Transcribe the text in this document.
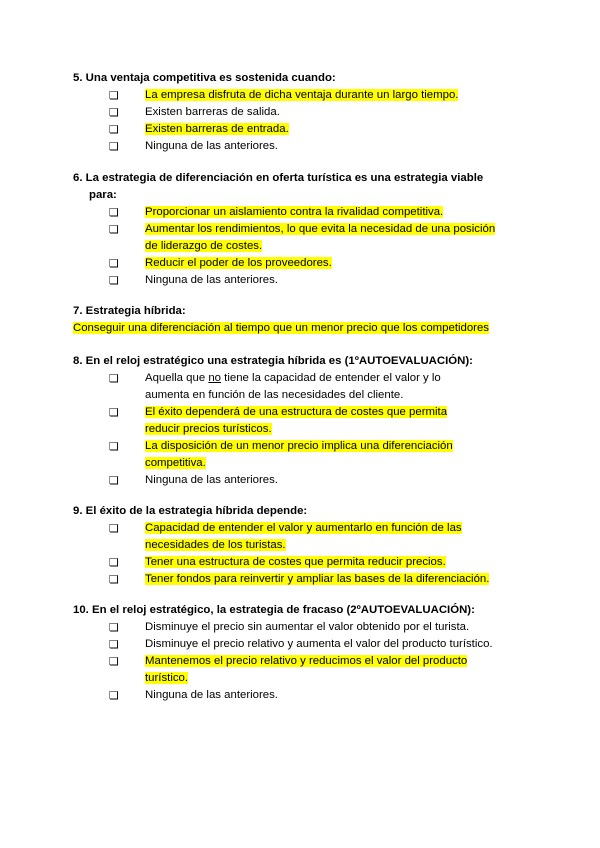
5. Una ventaja competitiva es sostenida cuando:
❏ La empresa disfruta de dicha ventaja durante un largo tiempo.
❏ Existen barreras de salida.
❏ Existen barreras de entrada.
❏ Ninguna de las anteriores.
6. La estrategia de diferenciación en oferta turística es una estrategia viable
para:
❏ Proporcionar un aislamiento contra la rivalidad competitiva.
❏ Aumentar los rendimientos, lo que evita la necesidad de una posición
de liderazgo de costes.
❏ Reducir el poder de los proveedores.
❏ Ninguna de las anteriores.
7. Estrategia híbrida:
Conseguir una diferenciación al tiempo que un menor precio que los competidores
8. En el reloj estratégico una estrategia híbrida es (1ºAUTOEVALUACIÓN):
❏ Aquella que no tiene la capacidad de entender el valor y lo
aumenta en función de las necesidades del cliente.
❏ El éxito dependerá de una estructura de costes que permita
reducir precios turísticos.
❏ La disposición de un menor precio implica una diferenciación
competitiva.
❏ Ninguna de las anteriores.
9. El éxito de la estrategia híbrida depende:
❏ Capacidad de entender el valor y aumentarlo en función de las
necesidades de los turistas.
❏ Tener una estructura de costes que permita reducir precios.
❏ Tener fondos para reinvertir y ampliar las bases de la diferenciación.
10. En el reloj estratégico, la estrategia de fracaso (2ºAUTOEVALUACIÓN):
❏ Disminuye el precio sin aumentar el valor obtenido por el turista.
❏ Disminuye el precio relativo y aumenta el valor del producto turístico.
❏ Mantenemos el precio relativo y reducimos el valor del producto
turístico.
❏ Ninguna de las anteriores.
